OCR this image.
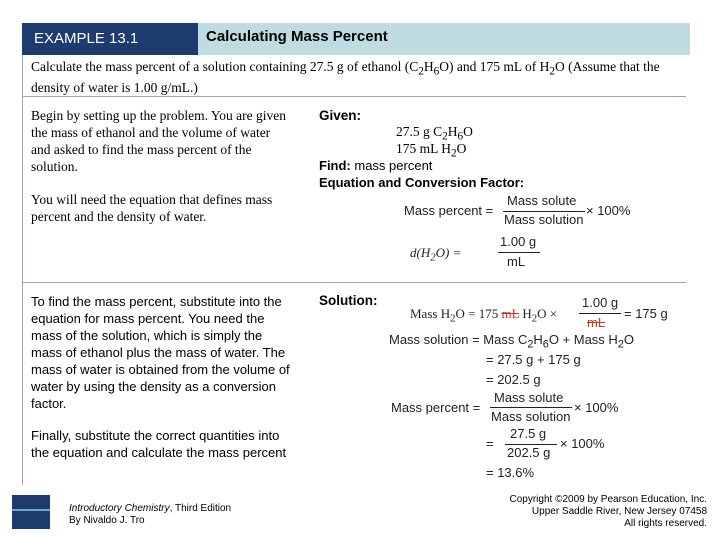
EXAMPLE 13.1	Calculating Mass Percent
Calculate the mass percent of a solution containing 27.5 g of ethanol $(C_2H_6O)$ and 175 mL of $H_2O$ (Assume that the
density of water is 1.00 g/mL.)
Begin by setting up the problem. You are given the mass of ethanol and the volume of water and asked to find the mass percent of the solution.
You will need the equation that defines mass percent and the density of water.
To find the mass percent, substitute into the equation for mass percent. You need the mass of the solution, which is simply the mass of ethanol plus the mass of water. The mass of water is obtained from the volume of water by using the density as a conversion factor.
Finally, substitute the correct quantities into the equation and calculate the mass percent
Given:
27.5 g $C_2H_6O$
175 mL $H_2O$
Find: mass percent
Equation and Conversion Factor:
Mass percent =
Mass solute
Mass solution
× 100%
$d(H_2O)$ =
1.00 g
mL
Solution:
Mass $H_2O = 175$ mL $H_2O$ ×
1.00 g
mL
= 175 g
Mass solution = Mass $C_2H_6O$ + Mass $H_2O$
= 27.5 g + 175 g
= 202.5 g
Mass percent =
Mass solute
Mass solution
× 100%
=
27.5 g
202.5 g
× 100%
= 13.6%
Introductory Chemistry, Third Edition
By Nivaldo J. Tro
Copyright ©2009 by Pearson Education, Inc.
Upper Saddle River, New Jersey 07458
All rights reserved.
